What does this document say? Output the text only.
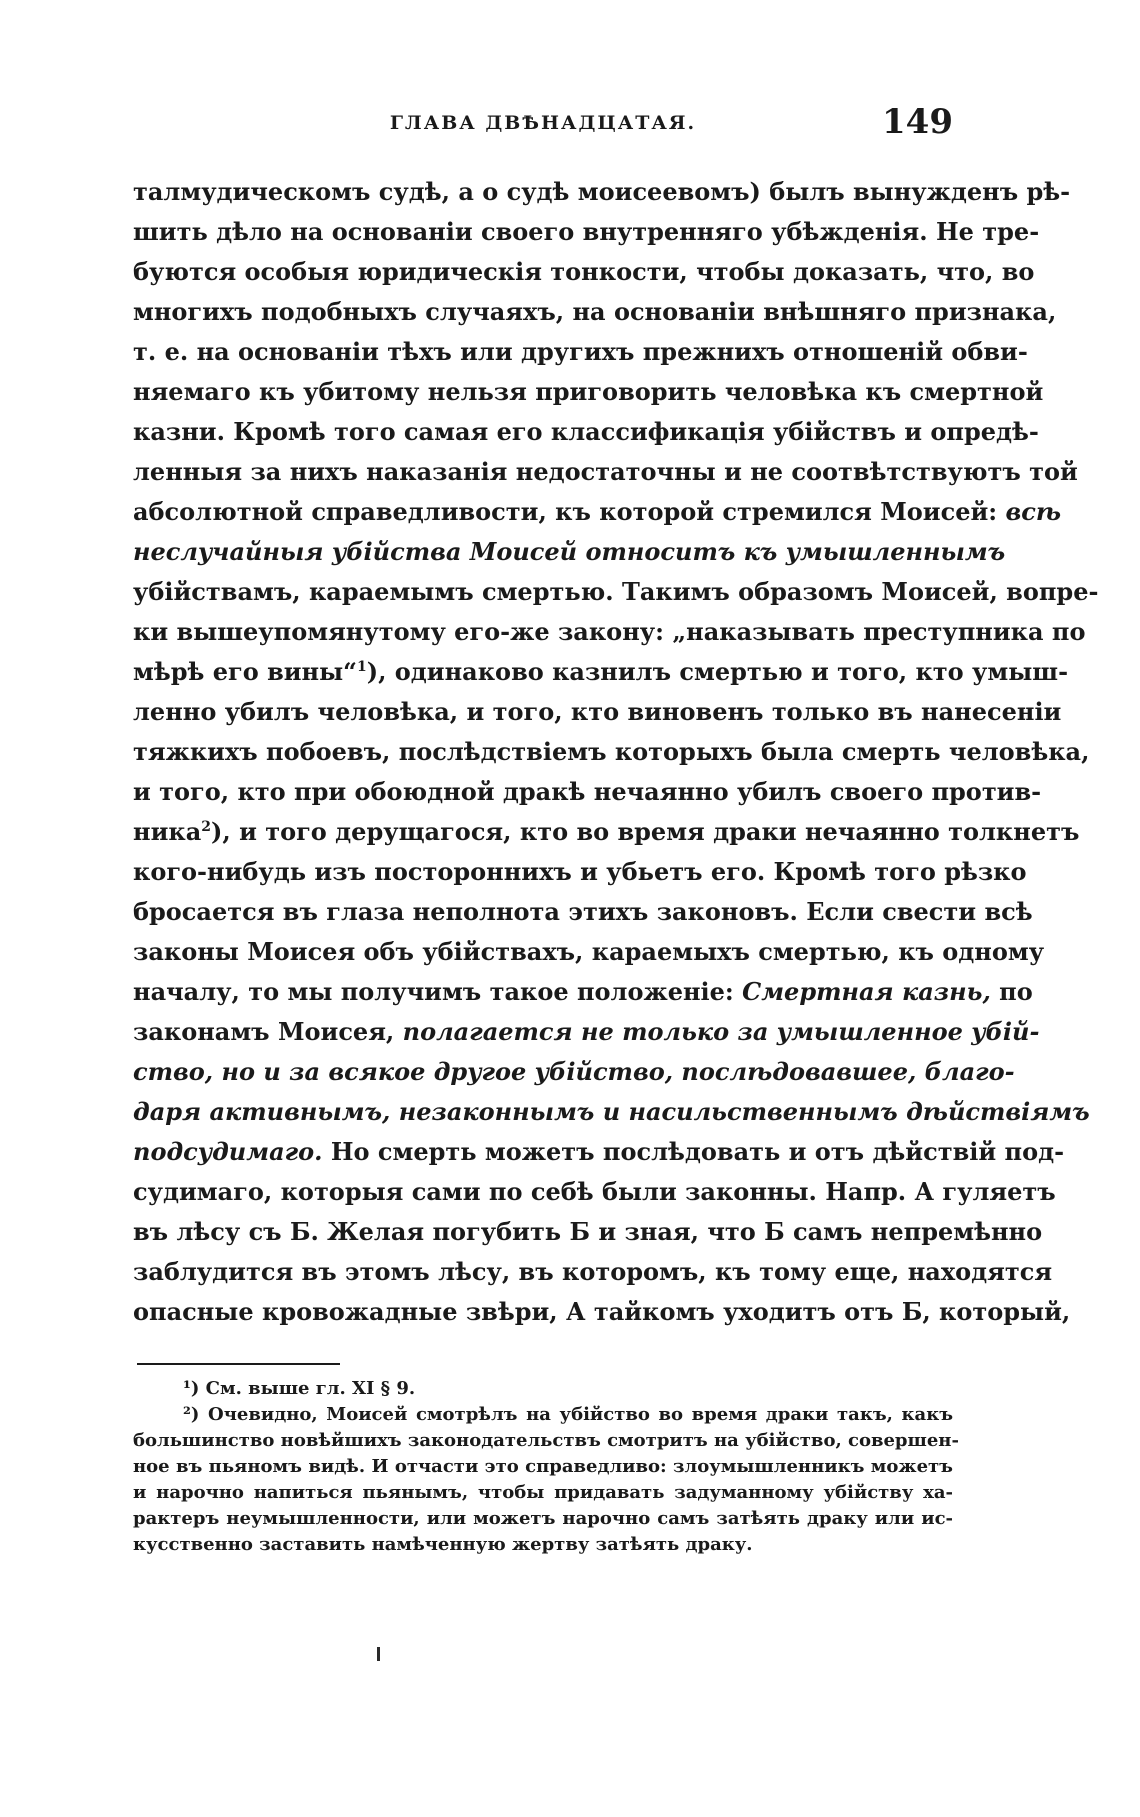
ГЛАВА ДВѢНАДЦАТАЯ.	149
талмудическомъ судѣ, а о судѣ моисеевомъ) былъ вынужденъ рѣ-
шить дѣло на основаніи своего внутренняго убѣжденія. Не тре-
буются особыя юридическія тонкости, чтобы доказать, что, во
многихъ подобныхъ случаяхъ, на основаніи внѣшняго признака,
т. е. на основаніи тѣхъ или другихъ прежнихъ отношеній обви-
няемаго къ убитому нельзя приговорить человѣка къ смертной
казни. Кромѣ того самая его классификація убійствъ и опредѣ-
ленныя за нихъ наказанія недостаточны и не соотвѣтствуютъ той
абсолютной справедливости, къ которой стремился Моисей: всѣ
неслучайныя убійства Моисей относитъ къ умышленнымъ
убійствамъ, караемымъ смертью. Такимъ образомъ Моисей, вопре-
ки вышеупомянутому его-же закону: „наказывать преступника по
мѣрѣ его вины“$^1$), одинаково казнилъ смертью и того, кто умыш-
ленно убилъ человѣка, и того, кто виновенъ только въ нанесеніи
тяжкихъ побоевъ, послѣдствіемъ которыхъ была смерть человѣка,
и того, кто при обоюдной дракѣ нечаянно убилъ своего против-
ника$^2$), и того дерущагося, кто во время драки нечаянно толкнетъ
кого-нибудь изъ постороннихъ и убьетъ его. Кромѣ того рѣзко
бросается въ глаза неполнота этихъ законовъ. Если свести всѣ
законы Моисея объ убійствахъ, караемыхъ смертью, къ одному
началу, то мы получимъ такое положеніе: Смертная казнь, по
законамъ Моисея, полагается не только за умышленное убій-
ство, но и за всякое другое убійство, послѣдовавшее, благо-
даря активнымъ, незаконнымъ и насильственнымъ дѣйствіямъ
подсудимаго. Но смерть можетъ послѣдовать и отъ дѣйствій под-
судимаго, которыя сами по себѣ были законны. Напр. А гуляетъ
въ лѣсу съ Б. Желая погубить Б и зная, что Б самъ непремѣнно
заблудится въ этомъ лѣсу, въ которомъ, къ тому еще, находятся
опасные кровожадные звѣри, А тайкомъ уходитъ отъ Б, который,
¹) См. выше гл. XI § 9.
²) Очевидно, Моисей смотрѣлъ на убійство во время драки такъ, какъ
большинство новѣйшихъ законодательствъ смотритъ на убійство, совершен-
ное въ пьяномъ видѣ. И отчасти это справедливо: злоумышленникъ можетъ
и нарочно напиться пьянымъ, чтобы придавать задуманному убійству ха-
рактеръ неумышленности, или можетъ нарочно самъ затѣять драку или ис-
кусственно заставить намѣченную жертву затѣять драку.
